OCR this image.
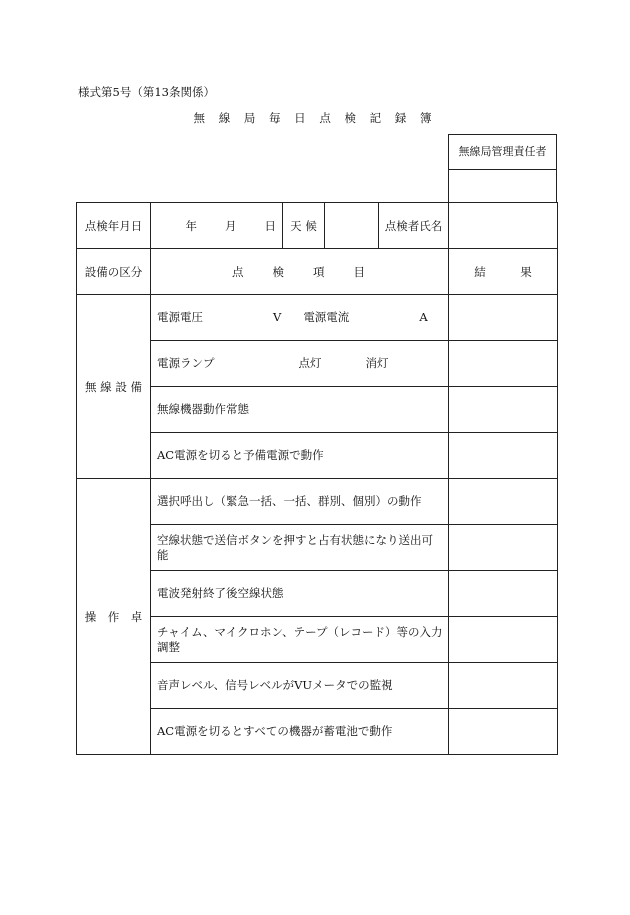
様式第5号（第13条関係）
無 線 局 毎 日 点 検 記 録 簿
無線局管理責任者
点検年月日	年 月 日	天 候		点検者氏名	
設備の区分	点　　検　　項　　目				結　　　果
無 線 設 備	電源電圧 V 電源電流 A				

	電源ランプ 点灯 消灯				

	無線機器動作常態				
	AC電源を切ると予備電源で動作				
操　作　卓	選択呼出し（緊急一括、一括、群別、個別）の動作				
	空線状態で送信ボタンを押すと占有状態になり送出可能				
	電波発射終了後空線状態				
	チャイム、マイクロホン、テープ（レコード）等の入力調整				
	音声レベル、信号レベルがVUメータでの監視				
	AC電源を切るとすべての機器が蓄電池で動作				
